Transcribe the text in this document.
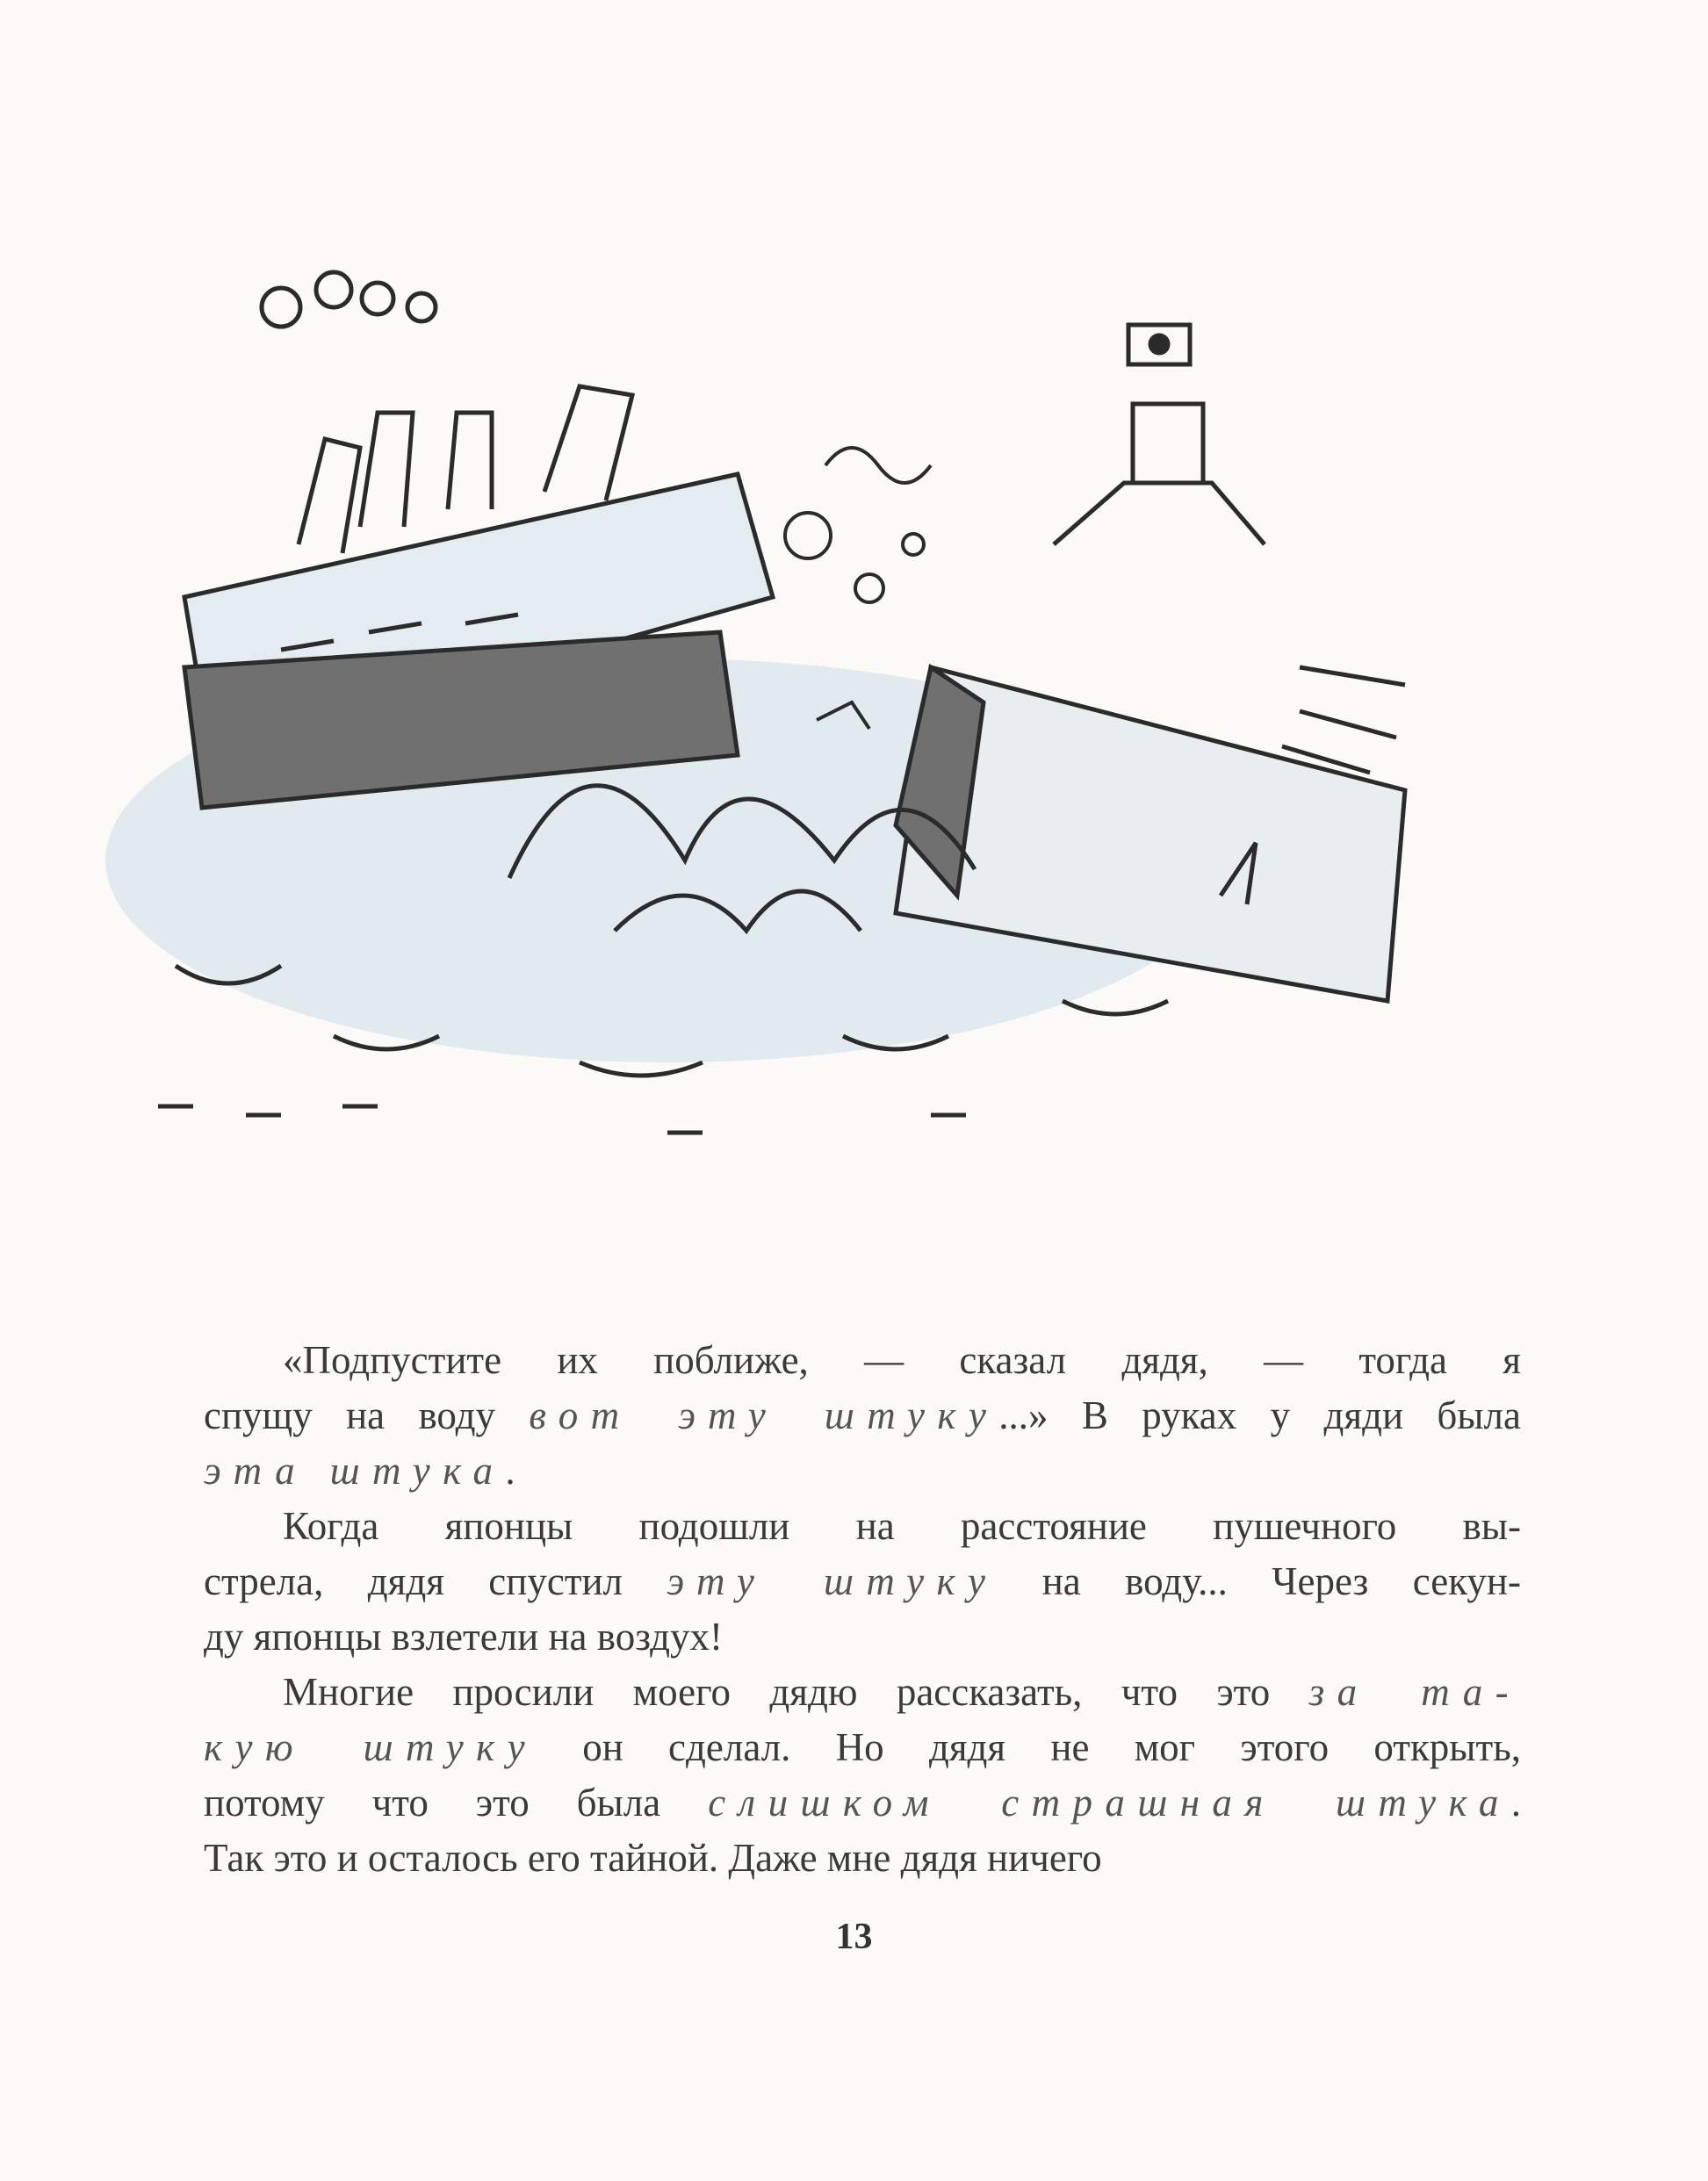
«Подпустите их поближе, — сказал дядя, — тогда я
спущу на воду вот эту штуку...» В руках у дяди была
эта штука.
Когда японцы подошли на расстояние пушечного вы-
стрела, дядя спустил эту штуку на воду... Через секун-
ду японцы взлетели на воздух!
Многие просили моего дядю рассказать, что это за та-
кую штуку он сделал. Но дядя не мог этого открыть,
потому что это была слишком страшная штука.
Так это и осталось его тайной. Даже мне дядя ничего
13
